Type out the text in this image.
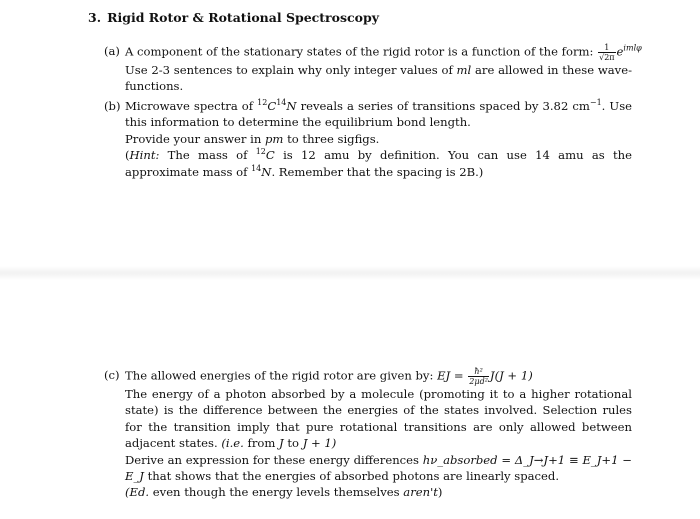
3. Rigid Rotor & Rotational Spectroscopy
(a) A component of the stationary states of the rigid rotor is a function of the form: $\frac{1}{√2\pi} e^{iml\varphi}$
Use 2-3 sentences to explain why only integer values of ml are allowed in these wave-functions.
(b) Microwave spectra of $^{12}C^{14}N$ reveals a series of transitions spaced by 3.82 $cm^{-1}$. Use this information to determine the equilibrium bond length.
Provide your answer in pm to three sigfigs.
(Hint: The mass of $^{12}$C is 12 amu by definition. You can use 14 amu as the approximate mass of $^{14}$N. Remember that the spacing is 2B.)
(c) The allowed energies of the rigid rotor are given by: EJ = $\frac{\text{ħ²}}{\text{2μd²}} J(J + 1)$
The energy of a photon absorbed by a molecule (promoting it to a higher rotational state) is the difference between the energies of the states involved. Selection rules for the transition imply that pure rotational transitions are only allowed between adjacent states. (i.e. from J to J + 1)
Derive an expression for these energy differences hν_absorbed = Δ_J→J+1 ≡ E_J+1 − E_J that shows that the energies of absorbed photons are linearly spaced.
(Ed. even though the energy levels themselves aren't)
